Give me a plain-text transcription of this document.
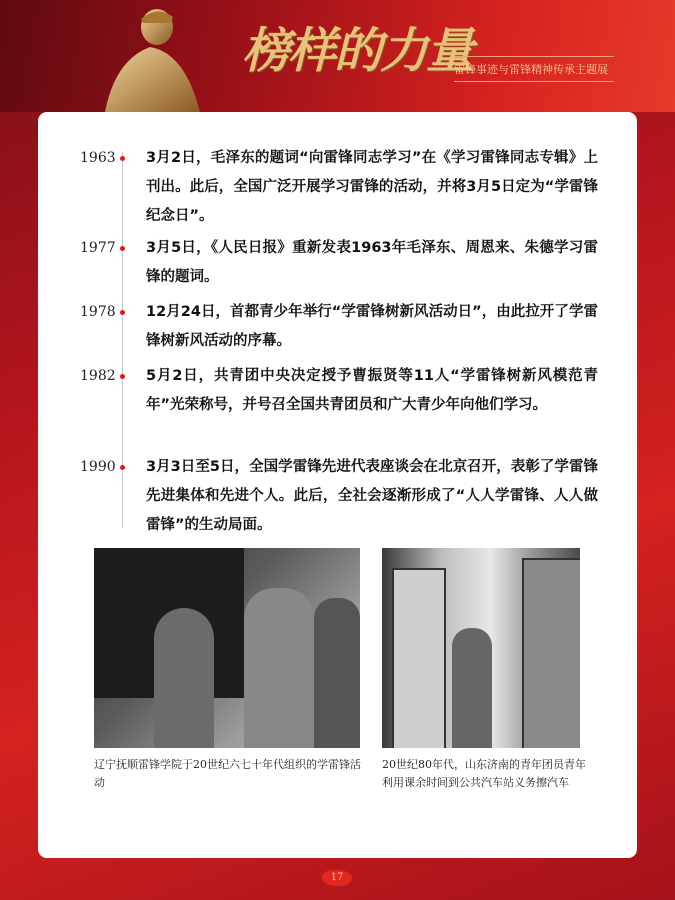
榜样的力量
雷锋事迹与雷锋精神传承主题展
1963 3月2日，毛泽东的题词“向雷锋同志学习”在《学习雷锋同志专辑》上刊出。此后，全国广泛开展学习雷锋的活动，并将3月5日定为“学雷锋纪念日”。
1977 3月5日，《人民日报》重新发表1963年毛泽东、周恩来、朱德学习雷锋的题词。
1978 12月24日，首都青少年举行“学雷锋树新风活动日”，由此拉开了学雷锋树新风活动的序幕。
1982 5月2日，共青团中央决定授予曹振贤等11人“学雷锋树新风模范青年”光荣称号，并号召全国共青团员和广大青少年向他们学习。
1990 3月3日至5日，全国学雷锋先进代表座谈会在北京召开，表彰了学雷锋先进集体和先进个人。此后，全社会逐渐形成了“人人学雷锋、人人做雷锋”的生动局面。
辽宁抚顺雷锋学院于20世纪六七十年代组织的学雷锋活动
20世纪80年代，山东济南的青年团员青年利用课余时间到公共汽车站义务擦汽车
17
